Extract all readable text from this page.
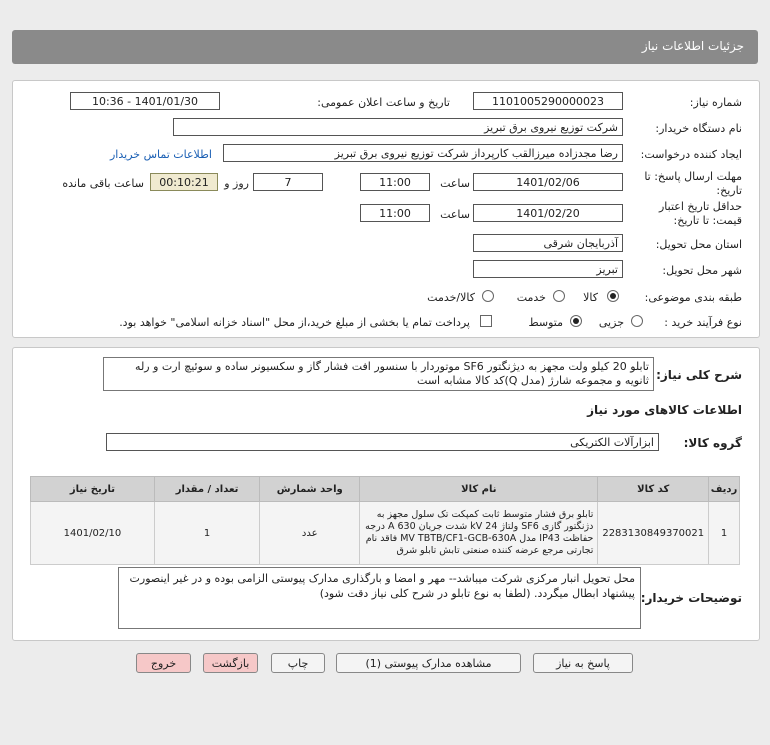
جزئیات اطلاعات نیاز
شماره نیاز:
1101005290000023
تاریخ و ساعت اعلان عمومی:
1401/01/30 - 10:36
نام دستگاه خریدار:
شرکت توزیع نیروی برق تبریز
ایجاد کننده درخواست:
رضا مجدزاده میرزالقب کارپرداز شرکت توزیع نیروی برق تبریز
اطلاعات تماس خریدار
مهلت ارسال پاسخ: تا تاریخ:
1401/02/06
ساعت
11:00
7
روز و
00:10:21
ساعت باقی مانده
حداقل تاریخ اعتبار قیمت: تا تاریخ:
1401/02/20
ساعت
11:00
استان محل تحویل:
آذربایجان شرقی
شهر محل تحویل:
تبریز
طبقه بندی موضوعی:
کالا
خدمت
کالا/خدمت
نوع فرآیند خرید :
جزیی
متوسط
پرداخت تمام یا بخشی از مبلغ خرید،از محل "اسناد خزانه اسلامی" خواهد بود.
شرح کلی نیاز:
تابلو 20 کیلو ولت مجهز به دیژنگتور SF6 موتوردار با سنسور افت فشار گاز و سکسیونر ساده و سوئیچ ارت و رله ثانویه و مجموعه شارژ (مدل Q)کد کالا مشابه است
اطلاعات کالاهای مورد نیاز
گروه کالا:
ابزارآلات الکتریکی
ردیف	کد کالا	نام کالا	واحد شمارش	تعداد / مقدار	تاریخ نیاز
1	2283130849370021	تابلو برق فشار متوسط ثابت کمپکت تک سلول مجهز به دژنگتور گازی SF6 ولتاژ 24 kV شدت جریان 630 A درجه حفاظت IP43 مدل MV TBTB/CF1-GCB-630A فاقد نام تجارتی مرجع عرضه کننده صنعتی تابش تابلو شرق	عدد	1	1401/02/10
توضیحات خریدار:
محل تحویل انبار مرکزی شرکت میباشد-- مهر و امضا و بارگذاری مدارک پیوستی الزامی بوده و در غیر اینصورت پیشنهاد ابطال میگردد. (لطفا به نوع تابلو در شرح کلی نیاز دقت شود)
پاسخ به نیاز
مشاهده مدارک پیوستی (1)
چاپ
بازگشت
خروج
